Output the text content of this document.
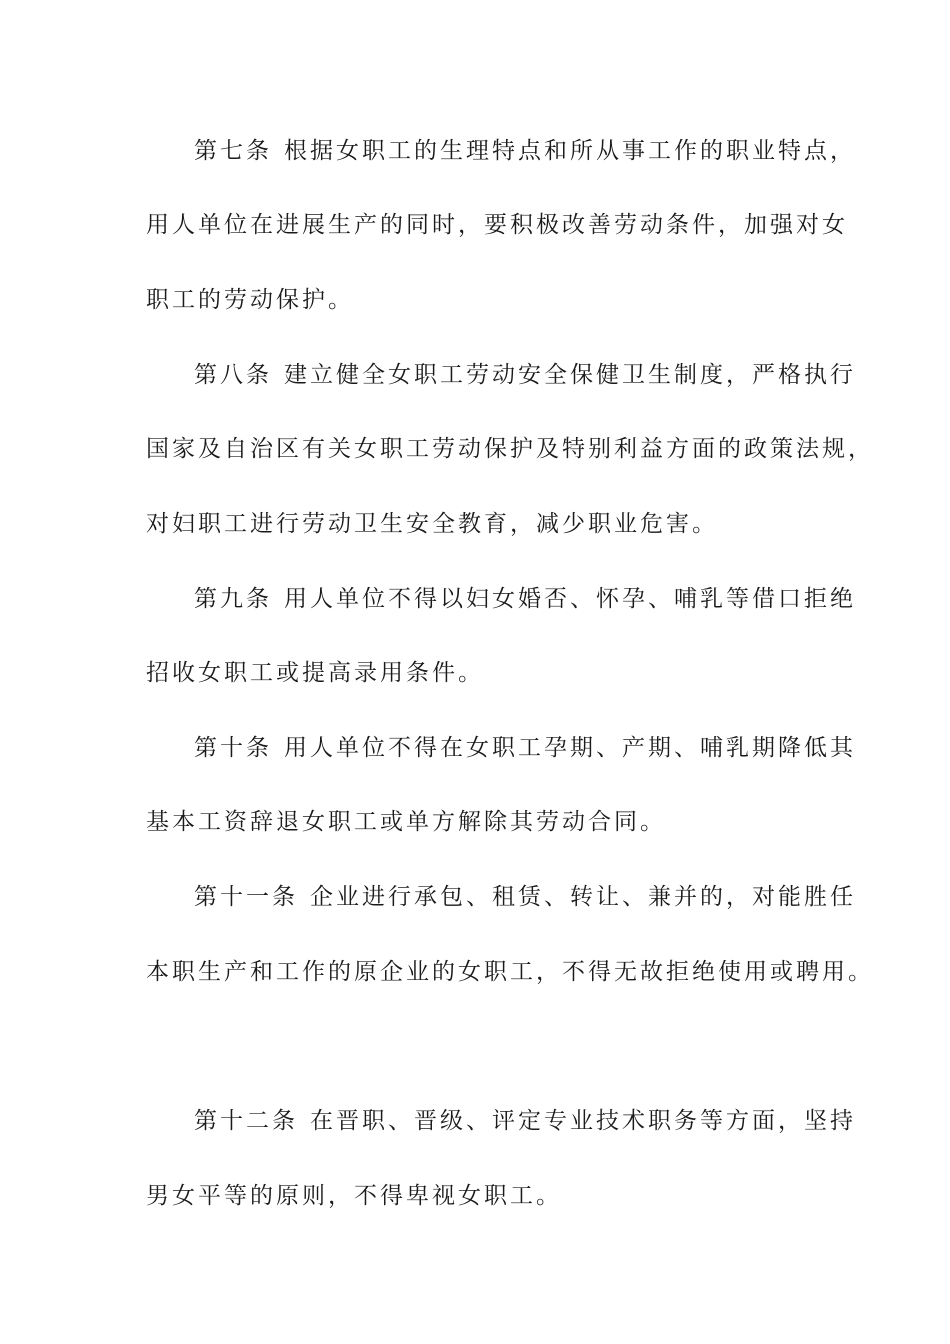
第七条 根据女职工的生理特点和所从事工作的职业特点，
用人单位在进展生产的同时，要积极改善劳动条件，加强对女
职工的劳动保护。
第八条 建立健全女职工劳动安全保健卫生制度，严格执行
国家及自治区有关女职工劳动保护及特别利益方面的政策法规，
对妇职工进行劳动卫生安全教育，减少职业危害。
第九条 用人单位不得以妇女婚否、怀孕、哺乳等借口拒绝
招收女职工或提高录用条件。
第十条 用人单位不得在女职工孕期、产期、哺乳期降低其
基本工资辞退女职工或单方解除其劳动合同。
第十一条 企业进行承包、租赁、转让、兼并的，对能胜任
本职生产和工作的原企业的女职工，不得无故拒绝使用或聘用。
第十二条 在晋职、晋级、评定专业技术职务等方面，坚持
男女平等的原则，不得卑视女职工。
